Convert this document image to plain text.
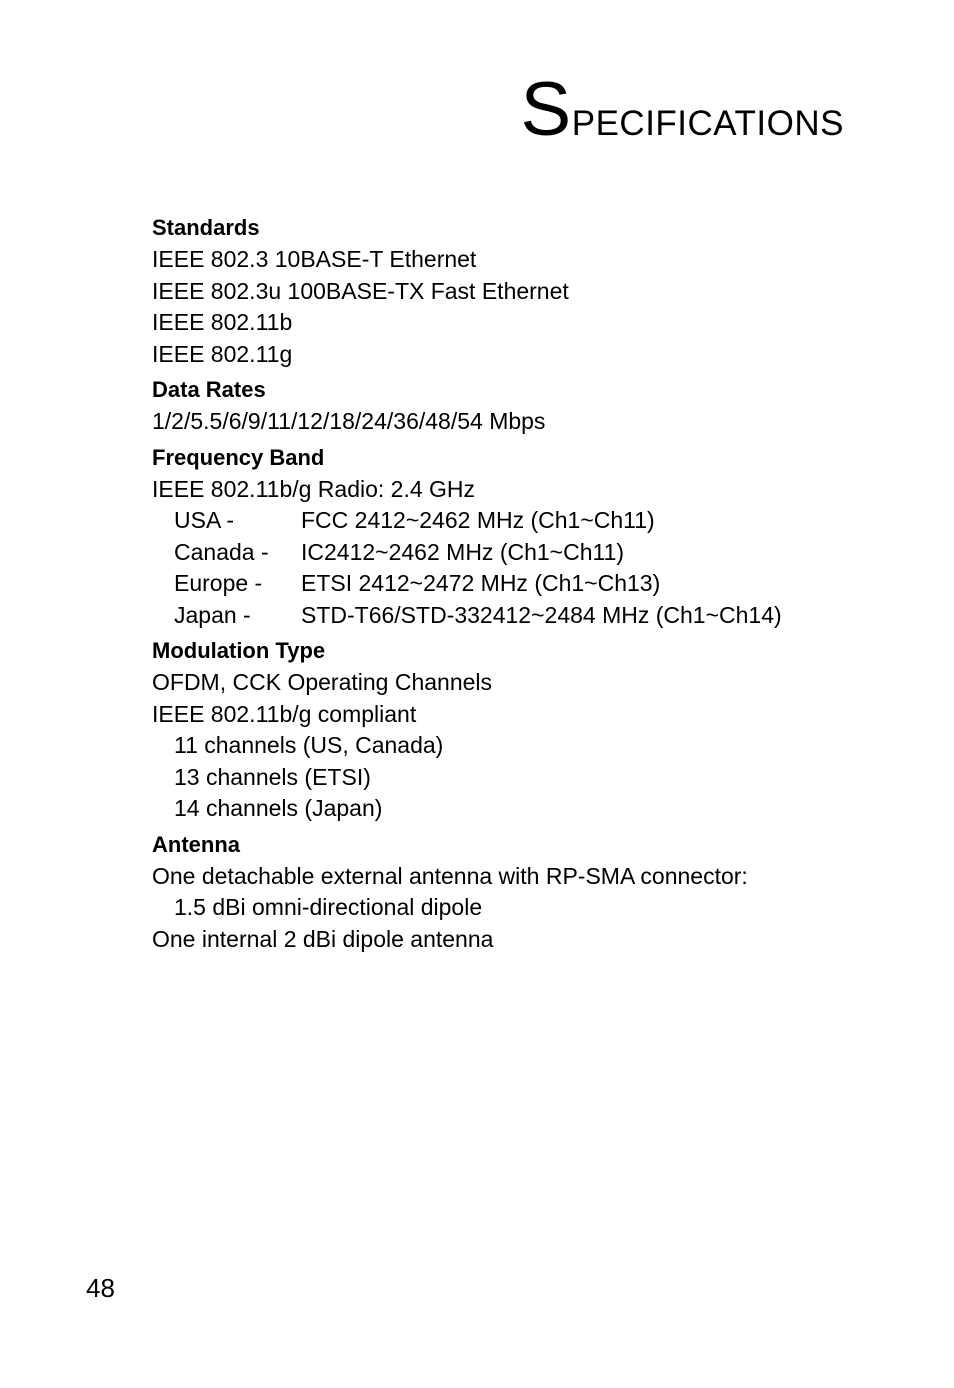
Specifications
Standards
IEEE 802.3 10BASE-T Ethernet
IEEE 802.3u 100BASE-TX Fast Ethernet
IEEE 802.11b
IEEE 802.11g
Data Rates
1/2/5.5/6/9/11/12/18/24/36/48/54 Mbps
Frequency Band
IEEE 802.11b/g Radio: 2.4 GHz
USA -	FCC 2412~2462 MHz (Ch1~Ch11)
Canada -	IC2412~2462 MHz (Ch1~Ch11)
Europe -	ETSI 2412~2472 MHz (Ch1~Ch13)
Japan -	STD-T66/STD-332412~2484 MHz (Ch1~Ch14)
Modulation Type
OFDM, CCK Operating Channels
IEEE 802.11b/g compliant
11 channels (US, Canada)
13 channels (ETSI)
14 channels (Japan)
Antenna
One detachable external antenna with RP-SMA connector:
1.5 dBi omni-directional dipole
One internal 2 dBi dipole antenna
48
